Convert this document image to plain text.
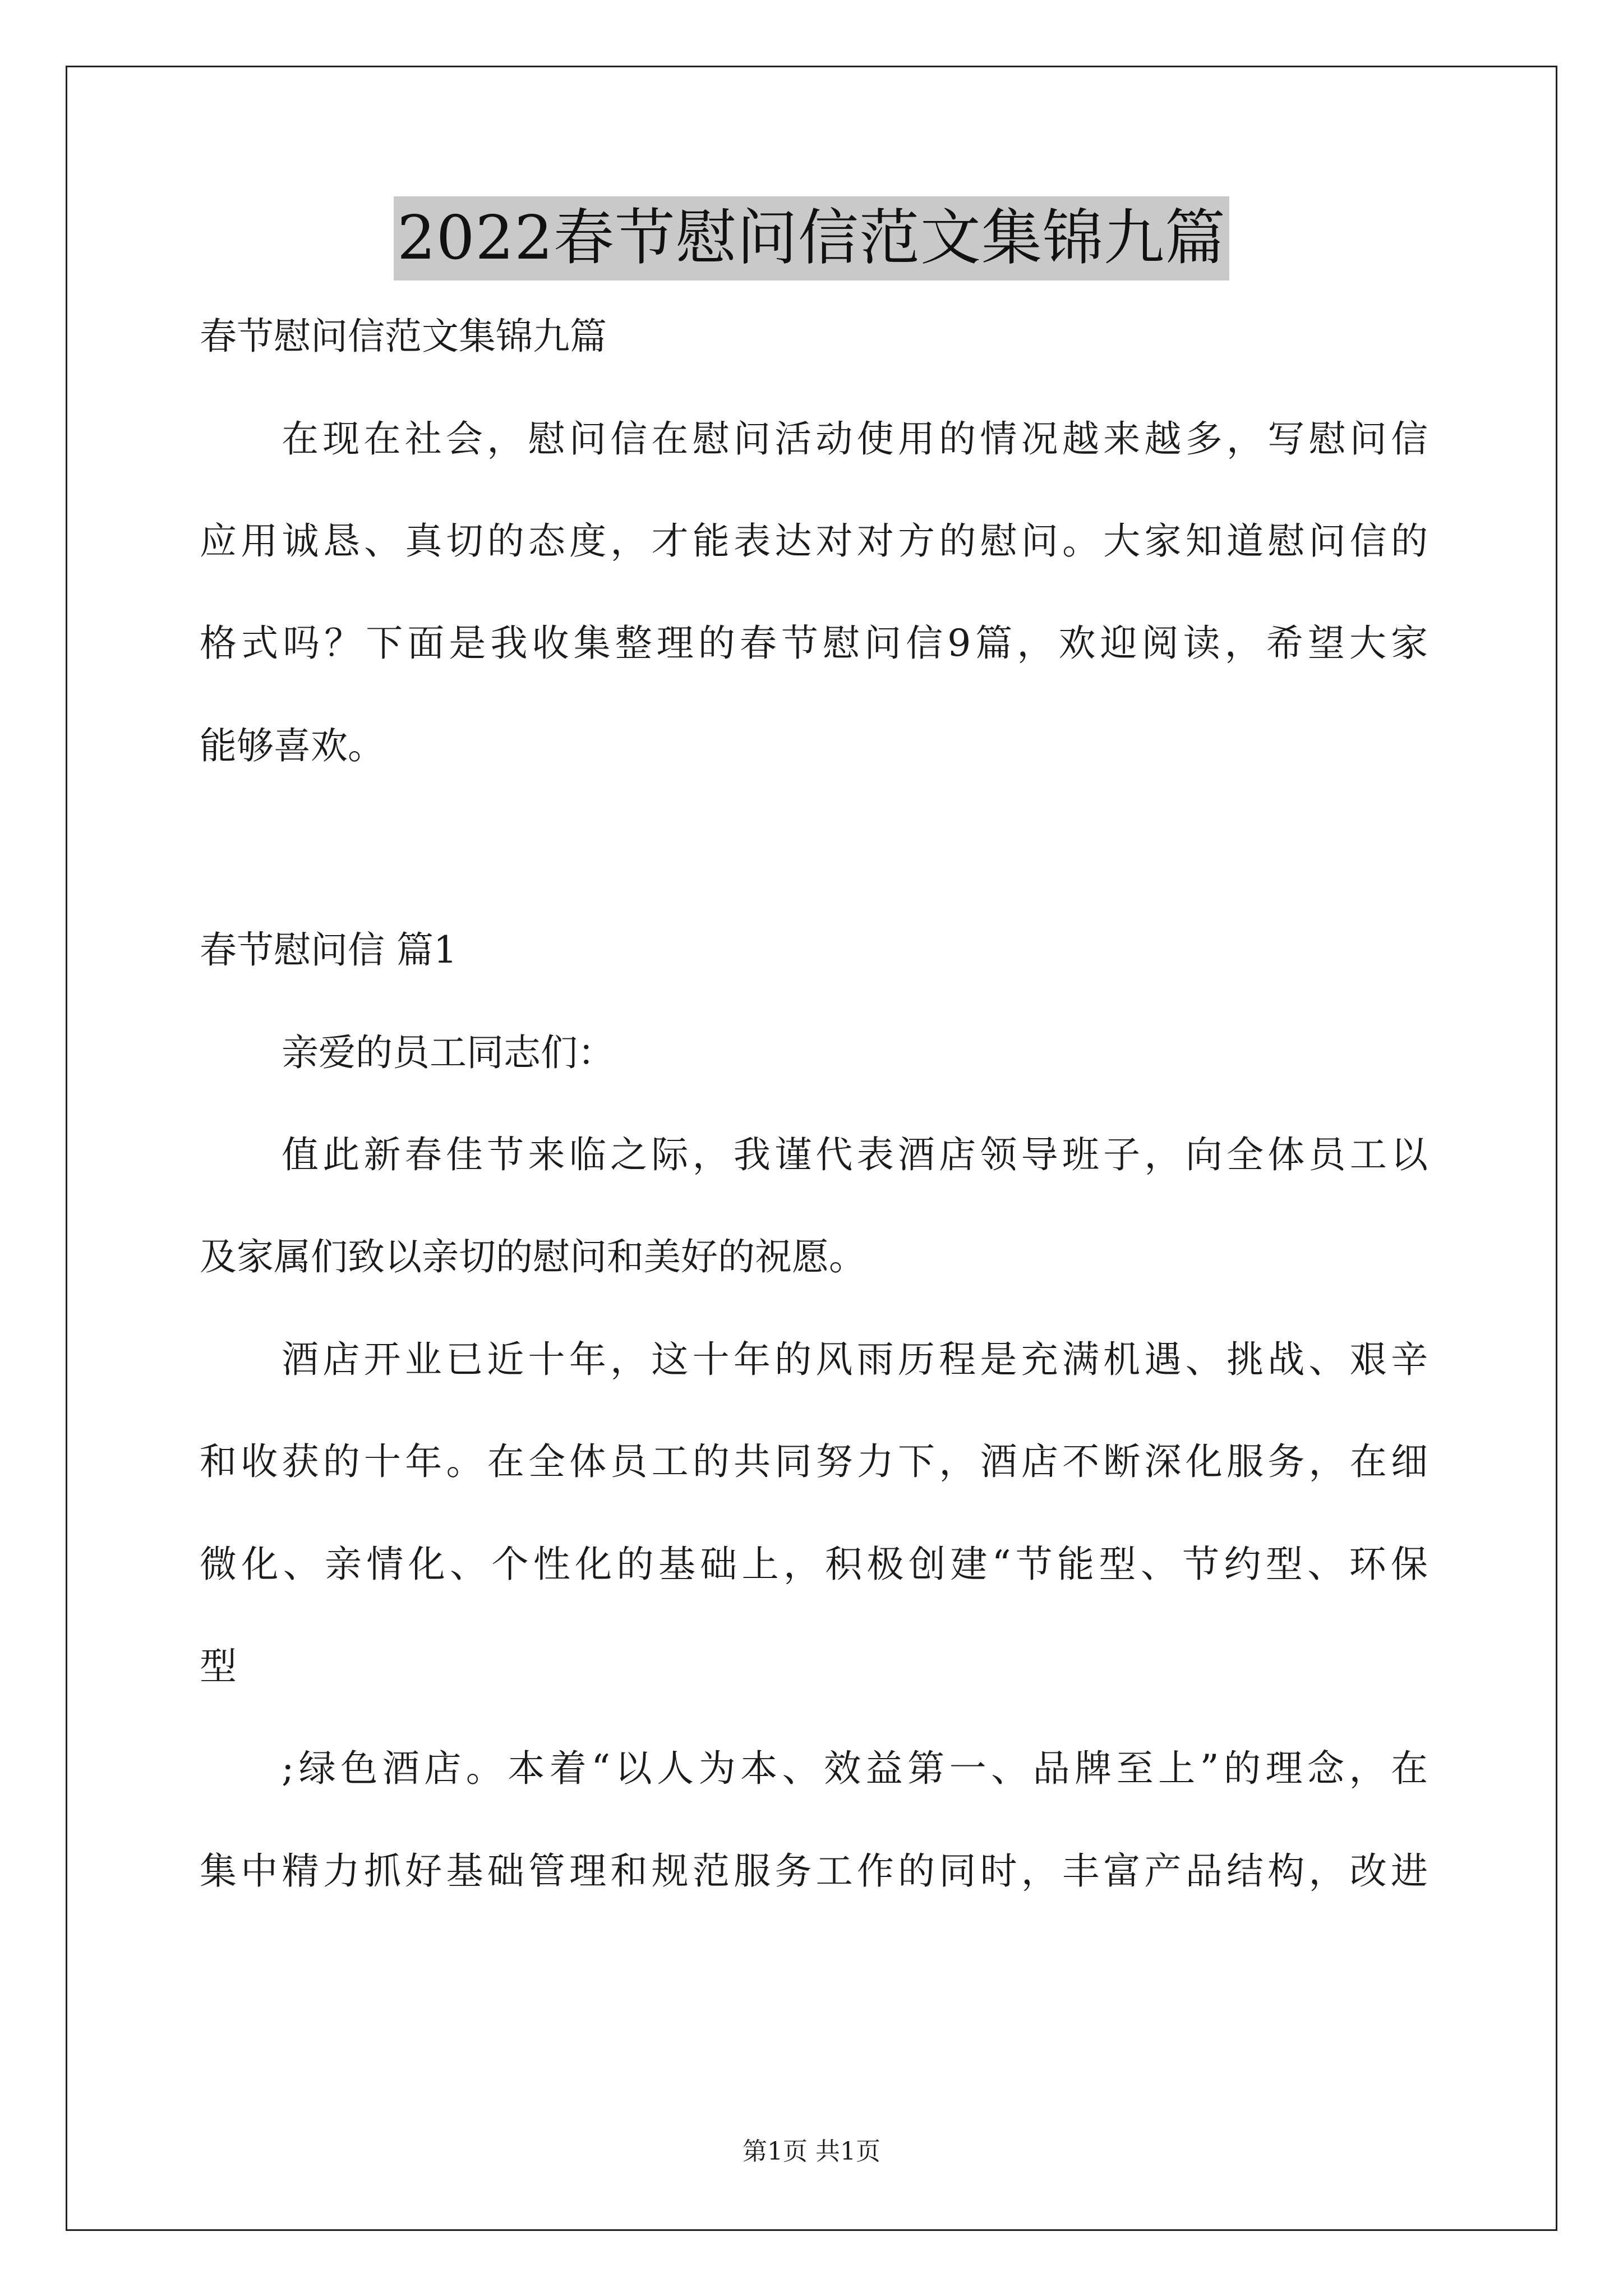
2022春节慰问信范文集锦九篇
春节慰问信范文集锦九篇
在现在社会，慰问信在慰问活动使用的情况越来越多，写慰问信
应用诚恳、真切的态度，才能表达对对方的慰问。大家知道慰问信的
格式吗？下面是我收集整理的春节慰问信9篇，欢迎阅读，希望大家
能够喜欢。
春节慰问信 篇1
亲爱的员工同志们：
值此新春佳节来临之际，我谨代表酒店领导班子，向全体员工以
及家属们致以亲切的慰问和美好的祝愿。
酒店开业已近十年，这十年的风雨历程是充满机遇、挑战、艰辛
和收获的十年。在全体员工的共同努力下，酒店不断深化服务，在细
微化、亲情化、个性化的基础上，积极创建“节能型、节约型、环保
型
;绿色酒店。本着“以人为本、效益第一、品牌至上”的理念，在
集中精力抓好基础管理和规范服务工作的同时，丰富产品结构，改进
第1页 共1页
